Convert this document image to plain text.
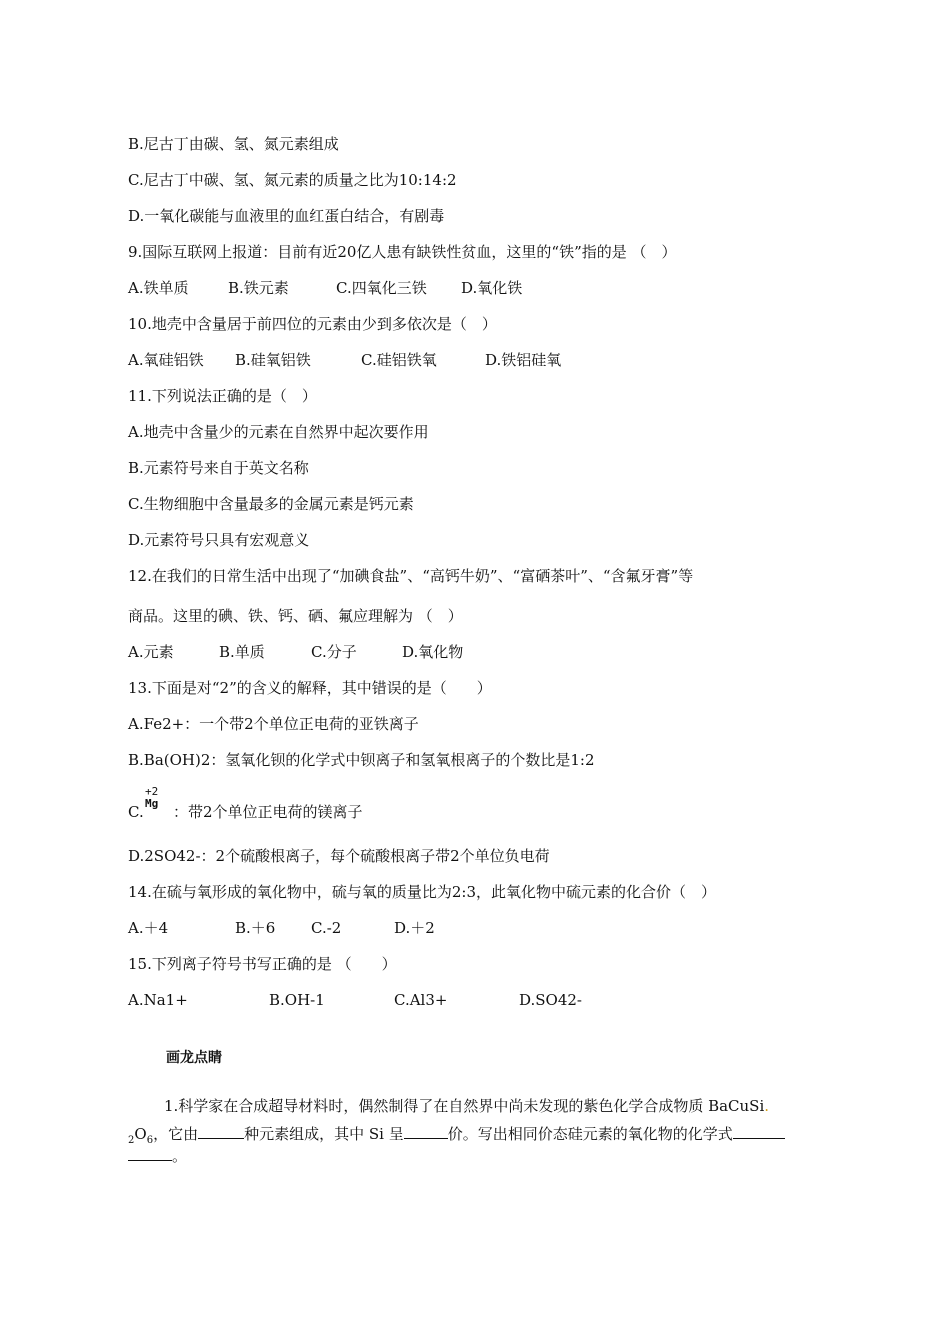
B.尼古丁由碳、氢、氮元素组成
C.尼古丁中碳、氢、氮元素的质量之比为10:14:2
D.一氧化碳能与血液里的血红蛋白结合，有剧毒
9.国际互联网上报道：目前有近20亿人患有缺铁性贫血，这里的“铁”指的是 （　）
A.铁单质	B.铁元素	C.四氧化三铁 D.氧化铁
10.地壳中含量居于前四位的元素由少到多依次是（　）
A.氧硅铝铁 B.硅氧铝铁	C.硅铝铁氧	D.铁铝硅氧
11.下列说法正确的是（　）
A.地壳中含量少的元素在自然界中起次要作用
B.元素符号来自于英文名称
C.生物细胞中含量最多的金属元素是钙元素
D.元素符号只具有宏观意义
12.在我们的日常生活中出现了“加碘食盐”、“高钙牛奶”、“富硒茶叶”、“含氟牙膏”等
商品。这里的碘、铁、钙、硒、氟应理解为 （　）
A.元素	B.单质	C.分子	D.氧化物
13.下面是对“2”的含义的解释，其中错误的是（　　）
A.Fe2+：一个带2个单位正电荷的亚铁离子
B.Ba(OH)2：氢氧化钡的化学式中钡离子和氢氧根离子的个数比是1:2
C.
+2
Mg ：带2个单位正电荷的镁离子
D.2SO42-：2个硫酸根离子，每个硫酸根离子带2个单位负电荷
14.在硫与氧形成的氧化物中，硫与氧的质量比为2:3，此氧化物中硫元素的化合价（　）
A.＋4	B.＋6 C.-2	D.＋2
15.下列离子符号书写正确的是 （　　）
A.Na1+	B.OH-1	C.Al3+	D.SO42-
画龙点睛
1.科学家在合成超导材料时，偶然制得了在自然界中尚未发现的紫色化学合成物质 BaCuSi.
$_2O_6$，它由	种元素组成，其中 Si 呈	价。写出相同价态硅元素的氧化物的化学式
。
